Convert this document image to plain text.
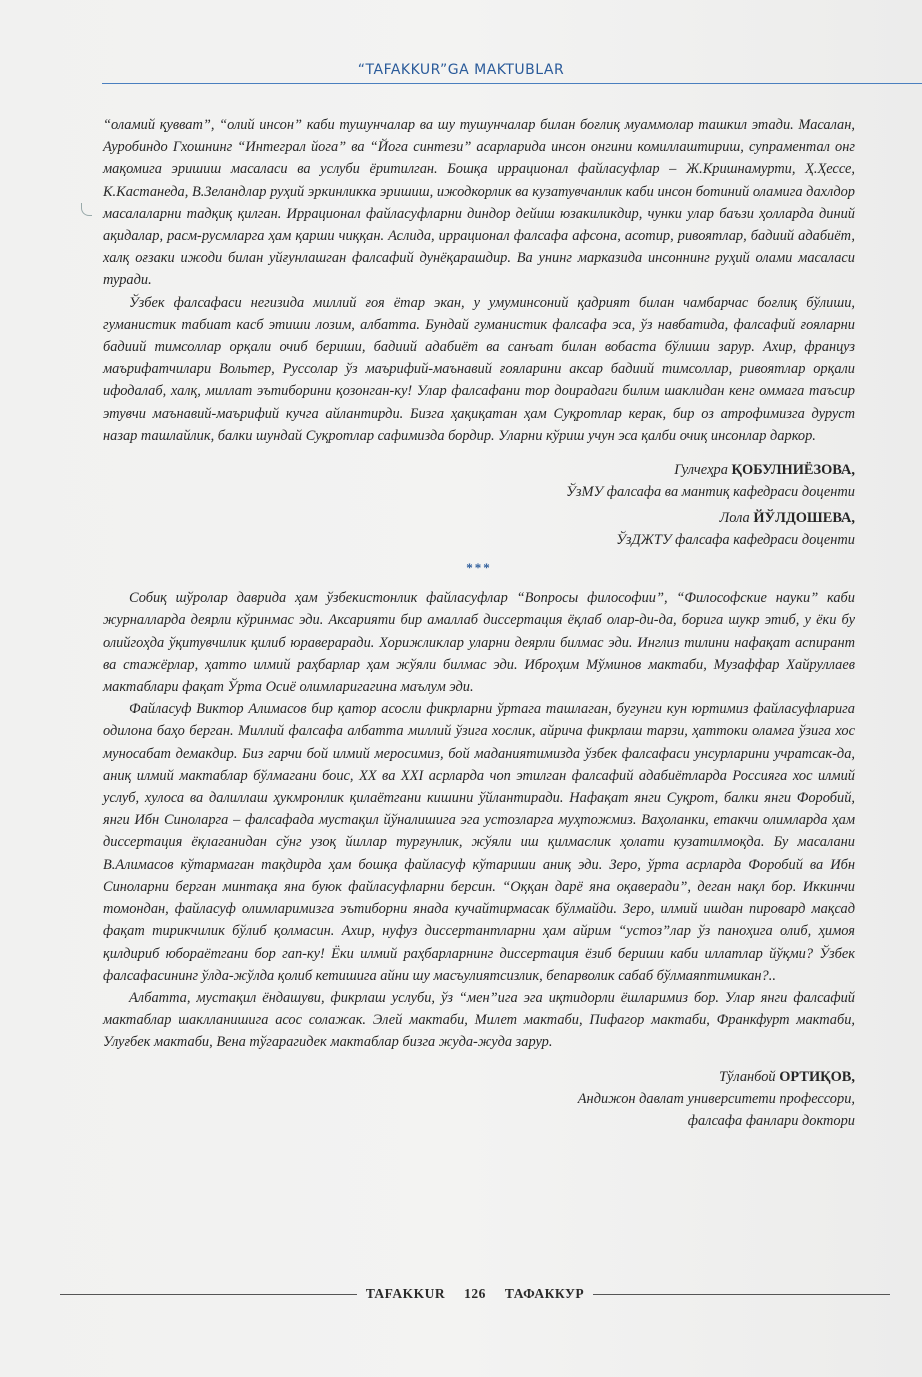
“TAFAKKUR”GA MAKTUBLAR

“оламий қувват”, “олий инсон” каби тушунчалар ва шу тушунчалар билан боғлиқ муаммолар ташкил этади. Масалан, Ауробиндо Гхошнинг “Интеграл йога” ва “Йога синтези” асарларида инсон онгини комиллаштириш, супраментал онг мақомига эришиш масаласи ва услуби ёритилган. Бошқа иррационал файласуфлар – Ж.Кришнамурти, Ҳ.Ҳессе, К.Кастанеда, В.Зеландлар руҳий эркинликка эришиш, ижодкорлик ва кузатувчанлик каби инсон ботиний оламига дахлдор масалаларни тадқиқ қилган. Иррационал файласуфларни диндор дейиш юзакиликдир, чунки улар баъзи ҳолларда диний ақидалар, расм-русмларга ҳам қарши чиққан. Аслида, иррационал фалсафа афсона, асотир, ривоятлар, бадиий адабиёт, халқ оғзаки ижоди билан уйғунлашган фалсафий дунёқарашдир. Ва унинг марказида инсоннинг руҳий олами масаласи туради.

Ўзбек фалсафаси негизида миллий ғоя ётар экан, у умуминсоний қадрият билан чамбарчас боғлиқ бўлиши, гуманистик табиат касб этиши лозим, албатта. Бундай гуманистик фалсафа эса, ўз навбатида, фалсафий ғояларни бадиий тимсоллар орқали очиб бериши, бадиий адабиёт ва санъат билан вобаста бўлиши зарур. Ахир, француз маърифатчилари Вольтер, Руссолар ўз маърифий-маънавий ғояларини аксар бадиий тимсоллар, ривоятлар орқали ифодалаб, халқ, миллат эътиборини қозонган-ку! Улар фалсафани тор доирадаги билим шаклидан кенг оммага таъсир этувчи маънавий-маърифий кучга айлантирди. Бизга ҳақиқатан ҳам Суқротлар керак, бир оз атрофимизга дуруст назар ташлайлик, балки шундай Суқротлар сафимизда бордир. Уларни кўриш учун эса қалби очиқ инсонлар даркор.

Гулчеҳра ҚОБУЛНИЁЗОВА,
ЎзМУ фалсафа ва мантиқ кафедраси доценти
Лола ЙЎЛДОШЕВА,
ЎзДЖТУ фалсафа кафедраси доценти
***

Собиқ шўролар даврида ҳам ўзбекистонлик файласуфлар “Вопросы философии”, “Философские науки” каби журналларда деярли кўринмас эди. Аксарияти бир амаллаб диссертация ёқлаб олар-ди-да, борига шукр этиб, у ёки бу олийгоҳда ўқитувчилик қилиб юравераради. Хорижликлар уларни деярли билмас эди. Инглиз тилини нафақат аспирант ва стажёрлар, ҳатто илмий раҳбарлар ҳам жўяли билмас эди. Иброҳим Мўминов мактаби, Музаффар Хайруллаев мактаблари фақат Ўрта Осиё олимларигагина маълум эди.

Файласуф Виктор Алимасов бир қатор асосли фикрларни ўртага ташлаган, бугунги кун юртимиз файласуфларига одилона баҳо берган. Миллий фалсафа албатта миллий ўзига хослик, айрича фикрлаш тарзи, ҳаттоки оламга ўзига хос муносабат демакдир. Биз гарчи бой илмий меросимиз, бой маданиятимизда ўзбек фалсафаси унсурларини учратсак-да, аниқ илмий мактаблар бўлмагани боис, XX ва XXI асрларда чоп этилган фалсафий адабиётларда Россияга хос илмий услуб, хулоса ва далиллаш ҳукмронлик қилаётгани кишини ўйлантиради. Нафақат янги Суқрот, балки янги Форобий, янги Ибн Синоларга – фалсафада мустақил йўналишига эга устозларга муҳтожмиз. Ваҳоланки, етакчи олимларда ҳам диссертация ёқлаганидан сўнг узоқ йиллар турғунлик, жўяли иш қилмаслик ҳолати кузатилмоқда. Бу масалани В.Алимасов кўтармаган тақдирда ҳам бошқа файласуф кўтариши аниқ эди. Зеро, ўрта асрларда Форобий ва Ибн Синоларни берган минтақа яна буюк файласуфларни берсин. “Оққан дарё яна оқаверади”, деган нақл бор. Иккинчи томондан, файласуф олимларимизга эътиборни янада кучайтирмасак бўлмайди. Зеро, илмий ишдан пировард мақсад фақат тирикчилик бўлиб қолмасин. Ахир, нуфуз диссертантларни ҳам айрим “устоз”лар ўз паноҳига олиб, ҳимоя қилдириб юбораётгани бор гап-ку! Ёки илмий раҳбарларнинг диссертация ёзиб бериши каби иллатлар йўқми? Ўзбек фалсафасининг ўлда-жўлда қолиб кетишига айни шу масъулиятсизлик, бепарволик сабаб бўлмаяптимикан?..

Албатта, мустақил ёндашуви, фикрлаш услуби, ўз “мен”ига эга иқтидорли ёшларимиз бор. Улар янги фалсафий мактаблар шаклланишига асос солажак. Элей мактаби, Милет мактаби, Пифагор мактаби, Франкфурт мактаби, Улуғбек мактаби, Вена тўгарагидек мактаблар бизга жуда-жуда зарур.

Тўланбой ОРТИҚОВ,
Андижон давлат университети профессори,
фалсафа фанлари доктори
TAFAKKUR	126	ТАФАККУР
